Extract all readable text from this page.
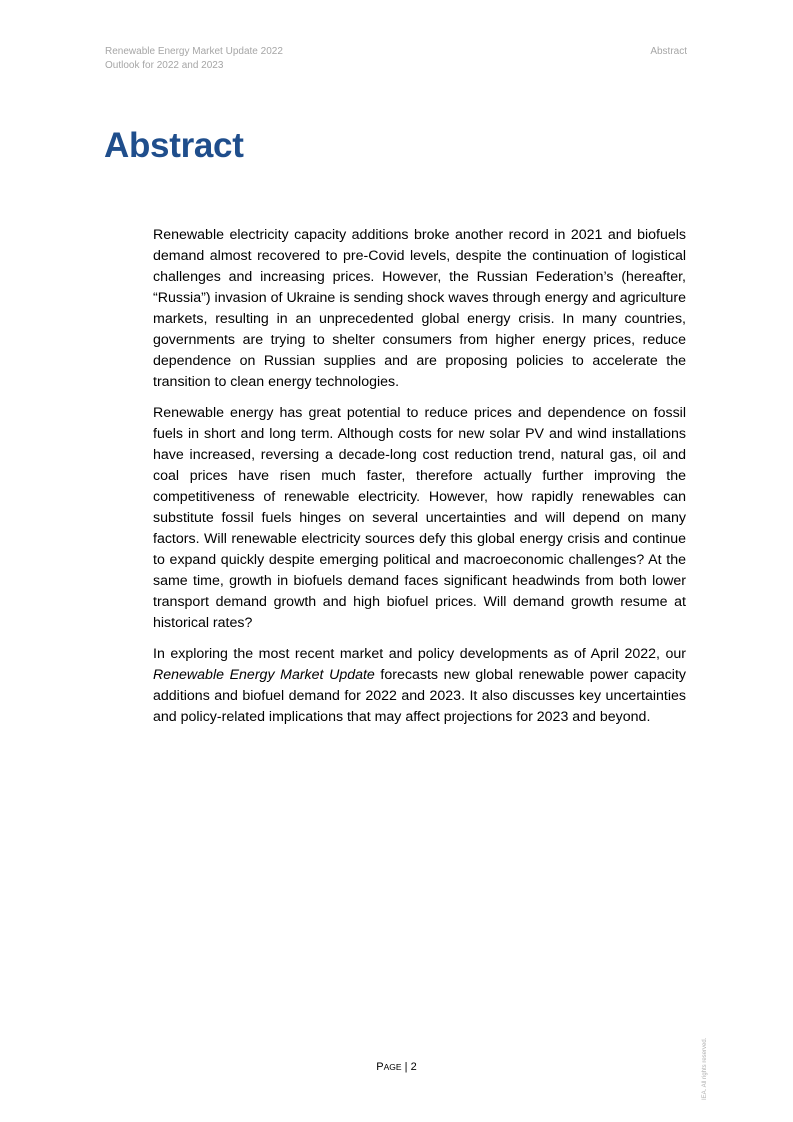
Renewable Energy Market Update 2022
Outlook for 2022 and 2023
Abstract
Abstract

Renewable electricity capacity additions broke another record in 2021 and biofuels demand almost recovered to pre-Covid levels, despite the continuation of logistical challenges and increasing prices. However, the Russian Federation’s (hereafter, “Russia”) invasion of Ukraine is sending shock waves through energy and agriculture markets, resulting in an unprecedented global energy crisis. In many countries, governments are trying to shelter consumers from higher energy prices, reduce dependence on Russian supplies and are proposing policies to accelerate the transition to clean energy technologies.

Renewable energy has great potential to reduce prices and dependence on fossil fuels in short and long term. Although costs for new solar PV and wind installations have increased, reversing a decade-long cost reduction trend, natural gas, oil and coal prices have risen much faster, therefore actually further improving the competitiveness of renewable electricity. However, how rapidly renewables can substitute fossil fuels hinges on several uncertainties and will depend on many factors. Will renewable electricity sources defy this global energy crisis and continue to expand quickly despite emerging political and macroeconomic challenges? At the same time, growth in biofuels demand faces significant headwinds from both lower transport demand growth and high biofuel prices. Will demand growth resume at historical rates?

In exploring the most recent market and policy developments as of April 2022, our Renewable Energy Market Update forecasts new global renewable power capacity additions and biofuel demand for 2022 and 2023. It also discusses key uncertainties and policy-related implications that may affect projections for 2023 and beyond.

PAGE | 2	IEA. All rights reserved.
